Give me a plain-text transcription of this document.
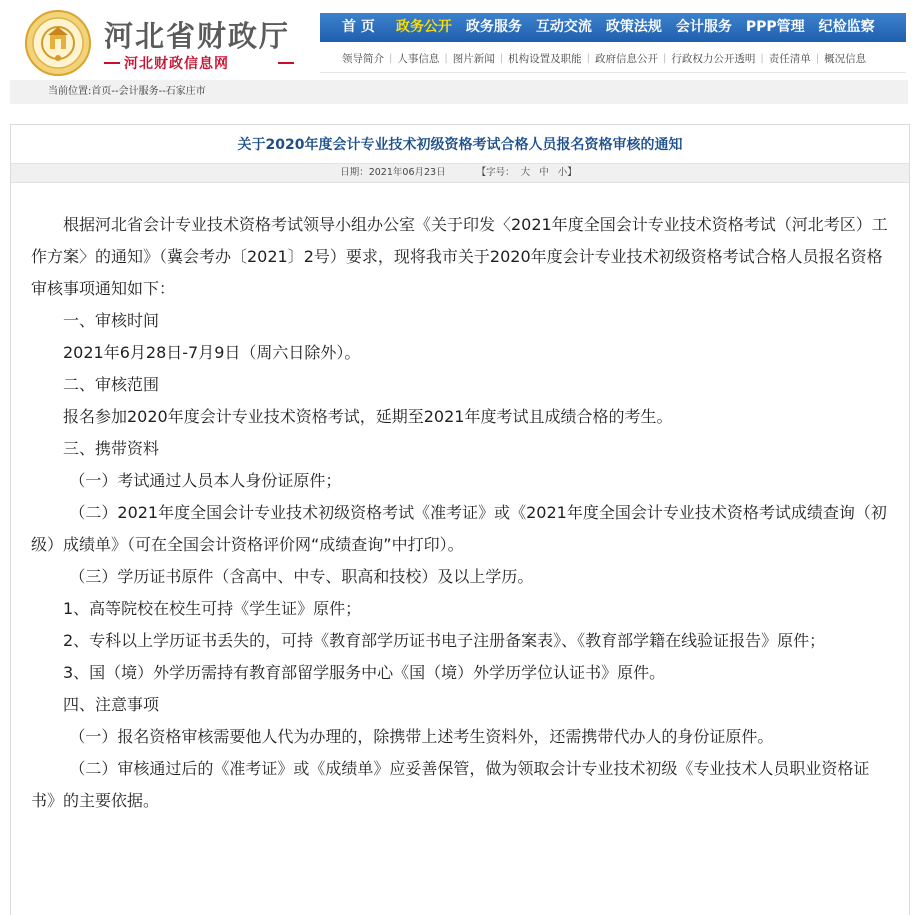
河北省财政厅
河北财政信息网
首 页	政务公开	政务服务	互动交流	政策法规	会计服务	PPP管理	纪检监察
领导简介 | 人事信息 | 图片新闻 | 机构设置及职能 | 政府信息公开 | 行政权力公开透明 | 责任清单 | 概况信息
当前位置:首页--会计服务--石家庄市
关于2020年度会计专业技术初级资格考试合格人员报名资格审核的通知
日期：2021年06月23日	【字号： 大 中 小】

根据河北省会计专业技术资格考试领导小组办公室《关于印发〈2021年度全国会计专业技术资格考试（河北考区）工作方案〉的通知》（冀会考办〔2021〕2号）要求，现将我市关于2020年度会计专业技术初级资格考试合格人员报名资格审核事项通知如下：

一、审核时间

2021年6月28日-7月9日（周六日除外）。

二、审核范围

报名参加2020年度会计专业技术资格考试，延期至2021年度考试且成绩合格的考生。

三、携带资料

（一）考试通过人员本人身份证原件；

（二）2021年度全国会计专业技术初级资格考试《准考证》或《2021年度全国会计专业技术资格考试成绩查询（初级）成绩单》（可在全国会计资格评价网“成绩查询”中打印）。

（三）学历证书原件（含高中、中专、职高和技校）及以上学历。

1、高等院校在校生可持《学生证》原件；

2、专科以上学历证书丢失的，可持《教育部学历证书电子注册备案表》、《教育部学籍在线验证报告》原件；

3、国（境）外学历需持有教育部留学服务中心《国（境）外学历学位认证书》原件。

四、注意事项

（一）报名资格审核需要他人代为办理的，除携带上述考生资料外，还需携带代办人的身份证原件。

（二）审核通过后的《准考证》或《成绩单》应妥善保管，做为领取会计专业技术初级《专业技术人员职业资格证书》的主要依据。
